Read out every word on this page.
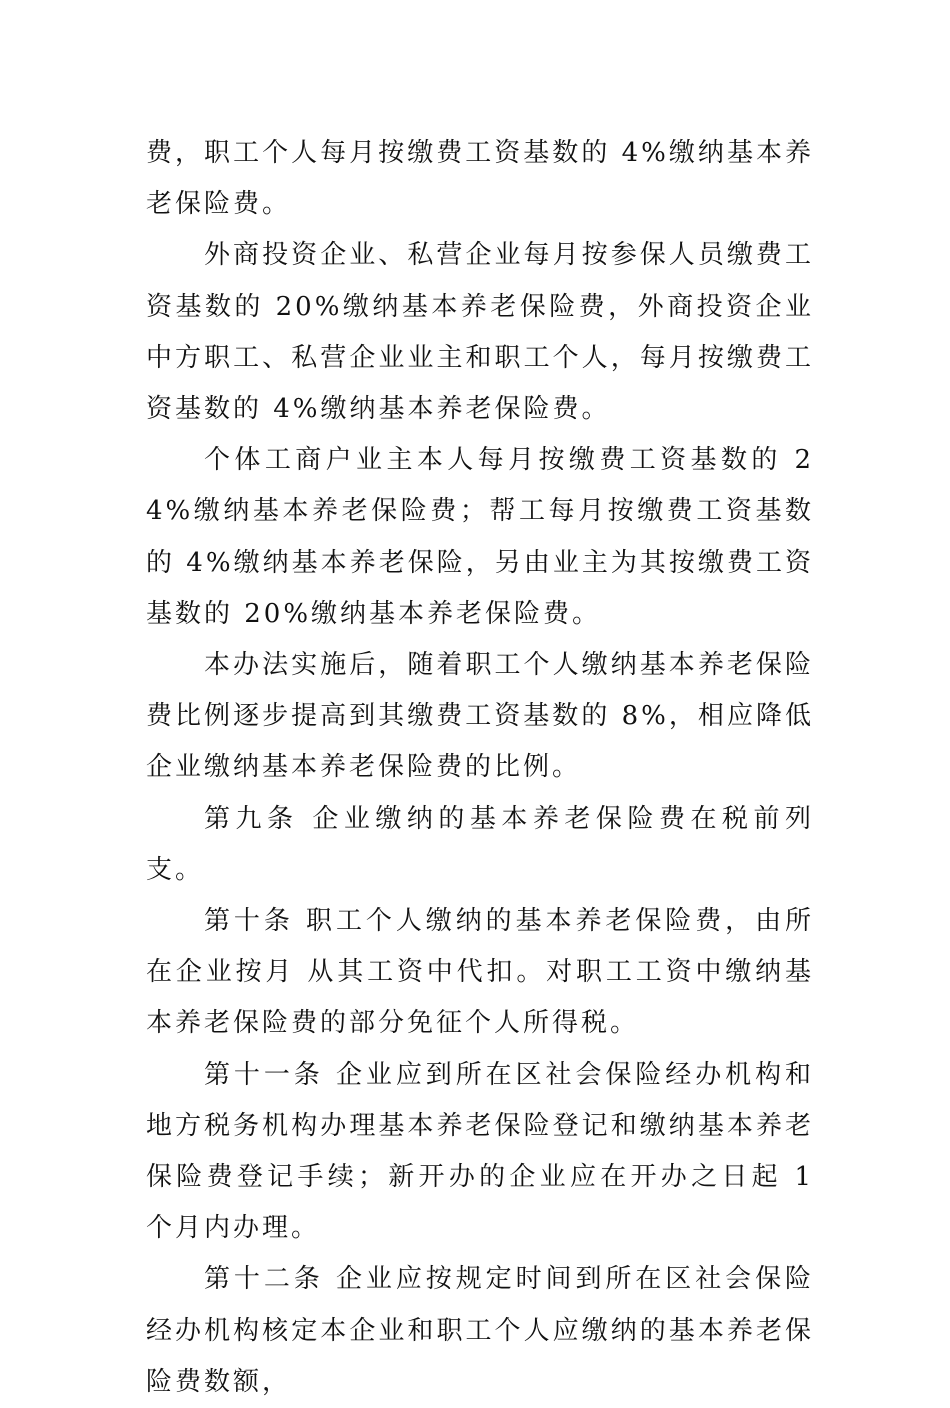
费，职工个人每月按缴费工资基数的 4%缴纳基本养老保险费。

外商投资企业、私营企业每月按参保人员缴费工资基数的 20%缴纳基本养老保险费，外商投资企业中方职工、私营企业业主和职工个人，每月按缴费工资基数的 4%缴纳基本养老保险费。

个体工商户业主本人每月按缴费工资基数的 24%缴纳基本养老保险费；帮工每月按缴费工资基数的 4%缴纳基本养老保险，另由业主为其按缴费工资基数的 20%缴纳基本养老保险费。

本办法实施后，随着职工个人缴纳基本养老保险费比例逐步提高到其缴费工资基数的 8%，相应降低企业缴纳基本养老保险费的比例。

第九条 企业缴纳的基本养老保险费在税前列支。

第十条 职工个人缴纳的基本养老保险费，由所在企业按月 从其工资中代扣。对职工工资中缴纳基本养老保险费的部分免征个人所得税。

第十一条 企业应到所在区社会保险经办机构和地方税务机构办理基本养老保险登记和缴纳基本养老保险费登记手续；新开办的企业应在开办之日起 1 个月内办理。

第十二条 企业应按规定时间到所在区社会保险经办机构核定本企业和职工个人应缴纳的基本养老保险费数额，
